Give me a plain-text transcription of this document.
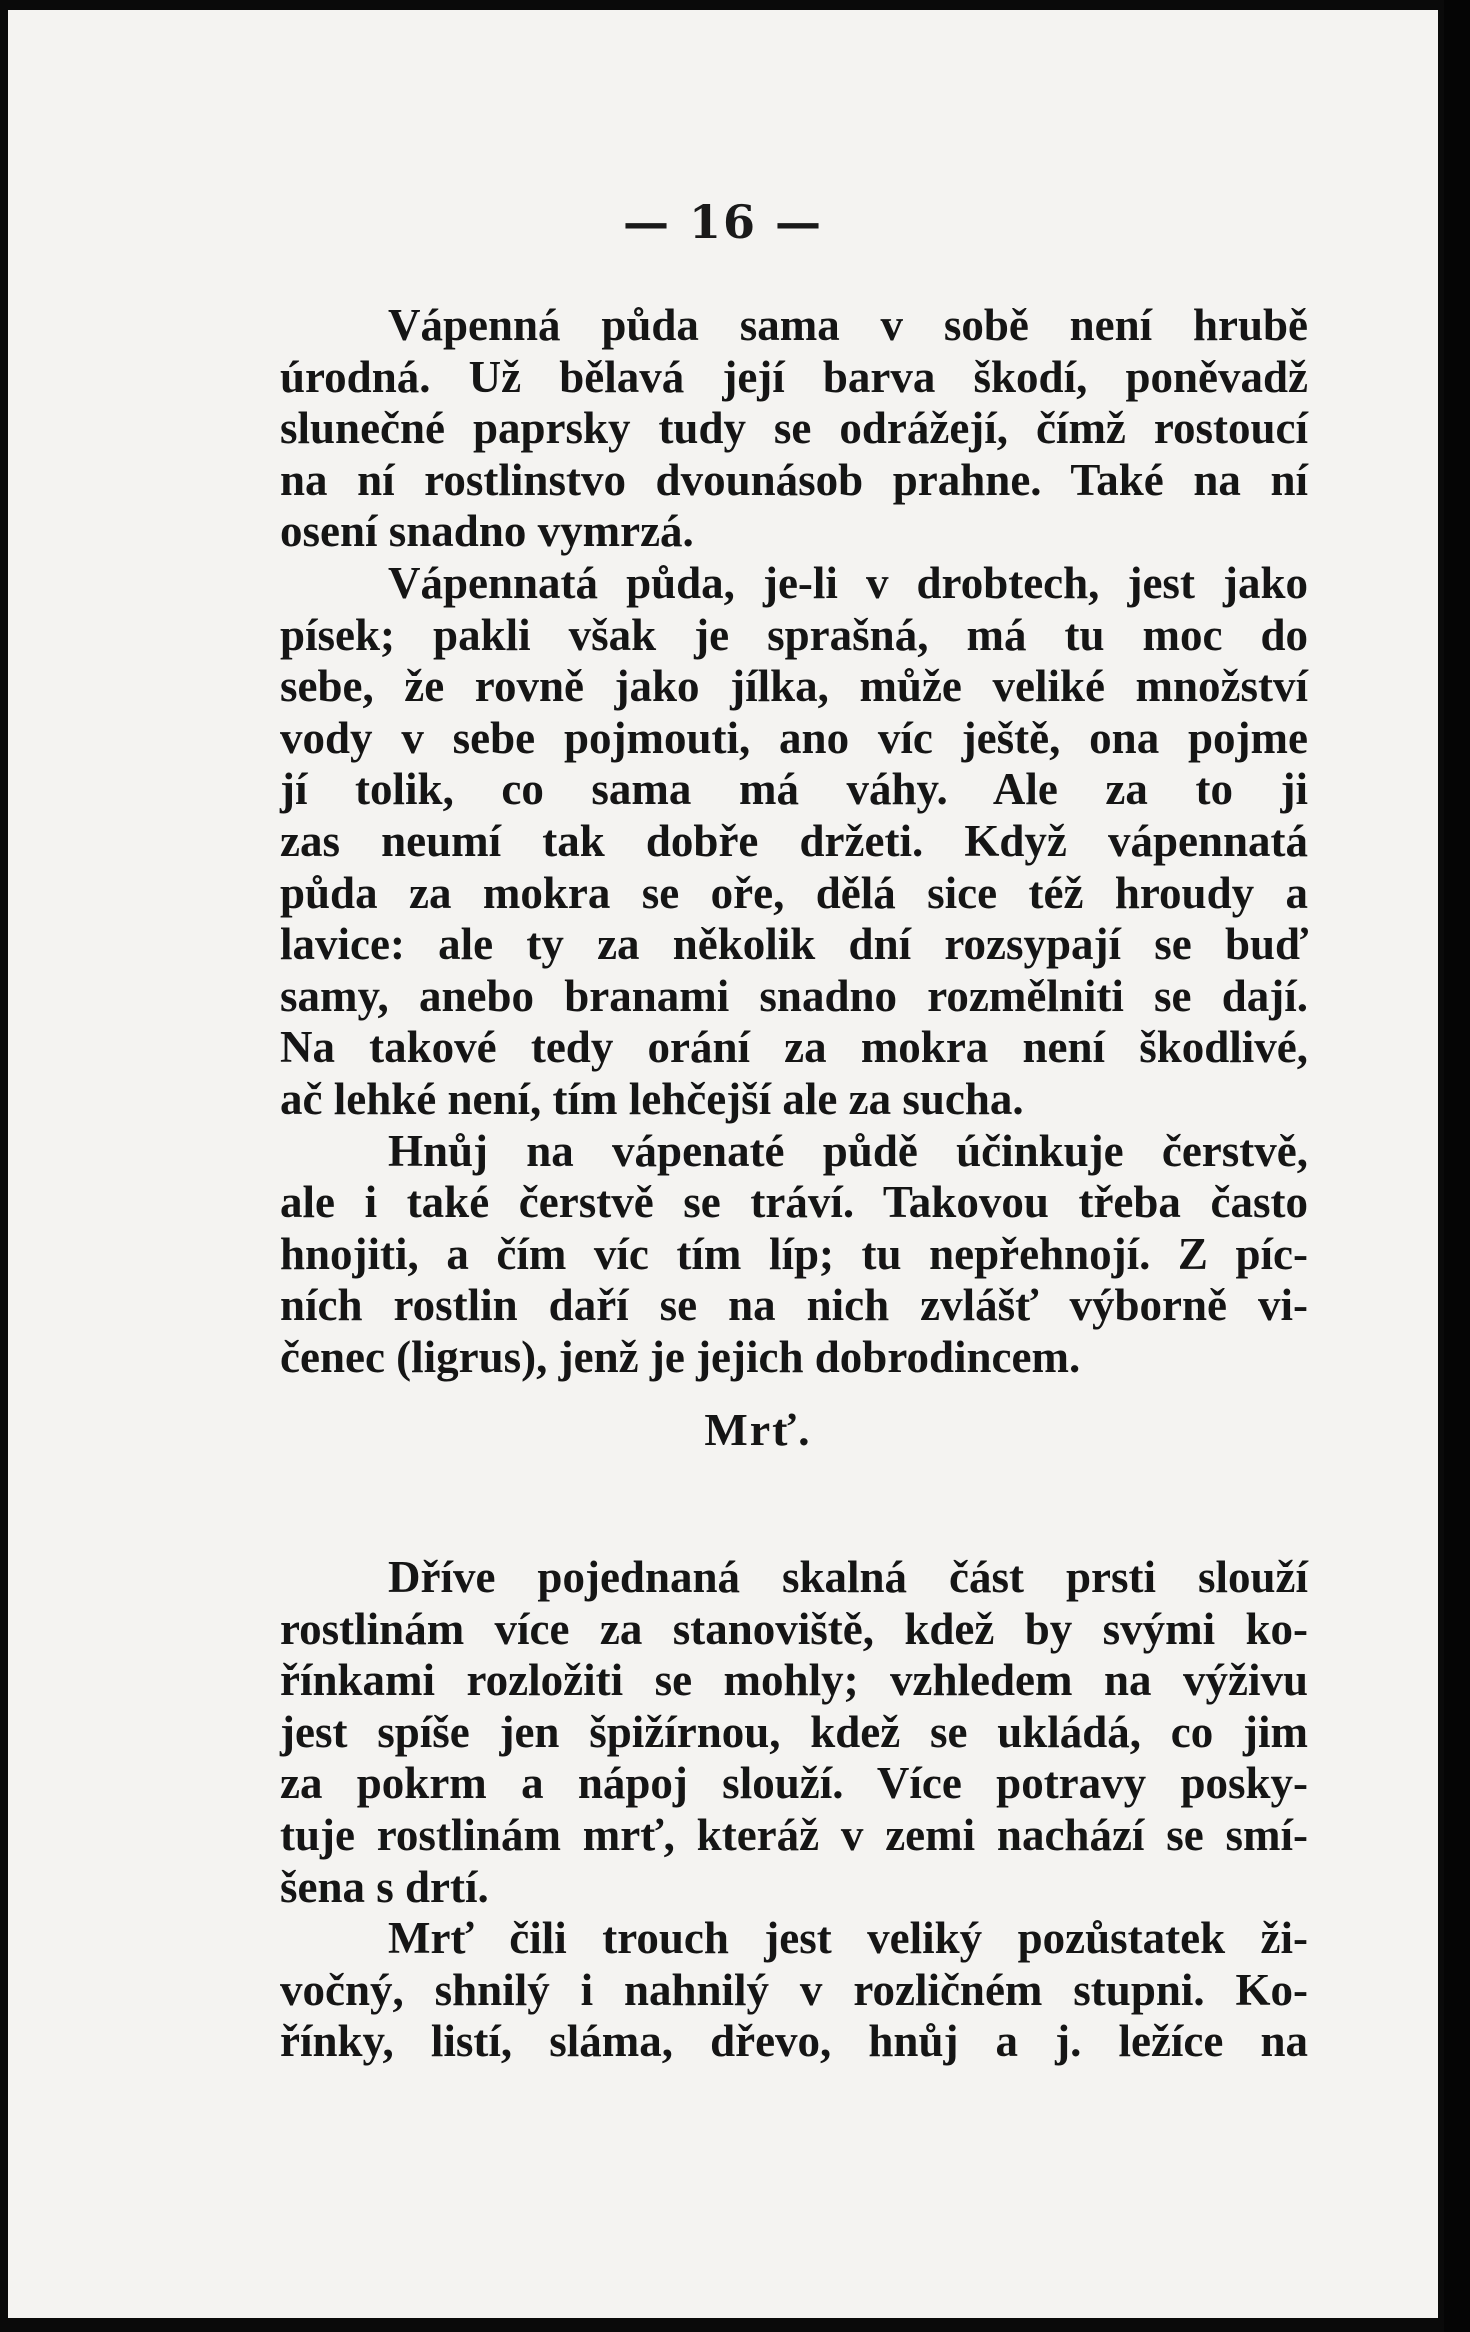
— 16 —
Vápenná půda sama v sobě není hrubě
úrodná. Už bělavá její barva škodí, poněvadž
slunečné paprsky tudy se odrážejí, čímž rostoucí
na ní rostlinstvo dvounásob prahne. Také na ní
osení snadno vymrzá.
Vápennatá půda, je-li v drobtech, jest jako
písek; pakli však je sprašná, má tu moc do
sebe, že rovně jako jílka, může veliké množství
vody v sebe pojmouti, ano víc ještě, ona pojme
jí tolik, co sama má váhy. Ale za to ji
zas neumí tak dobře držeti. Když vápennatá
půda za mokra se oře, dělá sice též hroudy a
lavice: ale ty za několik dní rozsypají se buď
samy, anebo branami snadno rozmělniti se dají.
Na takové tedy orání za mokra není škodlivé,
ač lehké není, tím lehčejší ale za sucha.
Hnůj na vápenaté půdě účinkuje čerstvě,
ale i také čerstvě se tráví. Takovou třeba často
hnojiti, a čím víc tím líp; tu nepřehnojí. Z píc-
ních rostlin daří se na nich zvlášť výborně vi-
čenec (ligrus), jenž je jejich dobrodincem.
Mrť.
Dříve pojednaná skalná část prsti slouží
rostlinám více za stanoviště, kdež by svými ko-
řínkami rozložiti se mohly; vzhledem na výživu
jest spíše jen špižírnou, kdež se ukládá, co jim
za pokrm a nápoj slouží. Více potravy posky-
tuje rostlinám mrť, kteráž v zemi nachází se smí-
šena s drtí.
Mrť čili trouch jest veliký pozůstatek ži-
vočný, shnilý i nahnilý v rozličném stupni. Ko-
řínky, listí, sláma, dřevo, hnůj a j. ležíce na
